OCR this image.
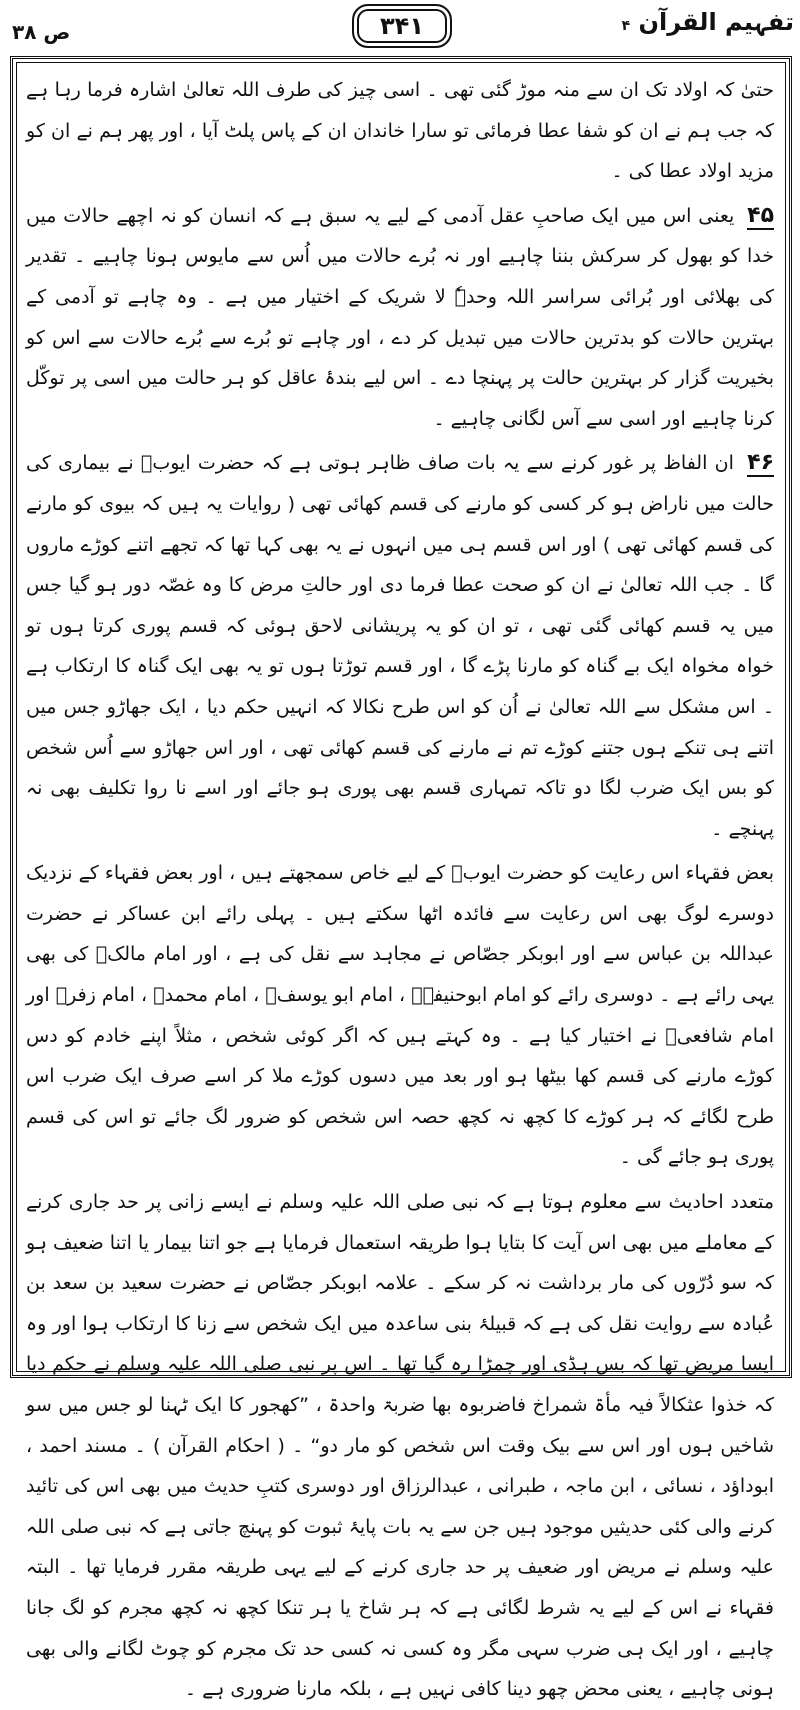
تفہیم القرآن ۴
۳۴۱
ص ۳۸

حتیٰ کہ اولاد تک ان سے منہ موڑ گئی تھی ۔ اسی چیز کی طرف اللہ تعالیٰ اشارہ فرما رہا ہے کہ جب ہم نے ان کو شفا عطا فرمائی تو سارا خاندان ان کے پاس پلٹ آیا ، اور پھر ہم نے ان کو مزید اولاد عطا کی ۔

۴۵ یعنی اس میں ایک صاحبِ عقل آدمی کے لیے یہ سبق ہے کہ انسان کو نہ اچھے حالات میں خدا کو بھول کر سرکش بننا چاہیے اور نہ بُرے حالات میں اُس سے مایوس ہونا چاہیے ۔ تقدیر کی بھلائی اور بُرائی سراسر اللہ وحدہٗ لا شریک کے اختیار میں ہے ۔ وہ چاہے تو آدمی کے بہترین حالات کو بدترین حالات میں تبدیل کر دے ، اور چاہے تو بُرے سے بُرے حالات سے اس کو بخیریت گزار کر بہترین حالت پر پہنچا دے ۔ اس لیے بندۂ عاقل کو ہر حالت میں اسی پر توکّل کرنا چاہیے اور اسی سے آس لگانی چاہیے ۔

۴۶ ان الفاظ پر غور کرنے سے یہ بات صاف ظاہر ہوتی ہے کہ حضرت ایوبؑ نے بیماری کی حالت میں ناراض ہو کر کسی کو مارنے کی قسم کھائی تھی ( روایات یہ ہیں کہ بیوی کو مارنے کی قسم کھائی تھی ) اور اس قسم ہی میں انہوں نے یہ بھی کہا تھا کہ تجھے اتنے کوڑے ماروں گا ۔ جب اللہ تعالیٰ نے ان کو صحت عطا فرما دی اور حالتِ مرض کا وہ غصّہ دور ہو گیا جس میں یہ قسم کھائی گئی تھی ، تو ان کو یہ پریشانی لاحق ہوئی کہ قسم پوری کرتا ہوں تو خواہ مخواہ ایک بے گناہ کو مارنا پڑے گا ، اور قسم توڑتا ہوں تو یہ بھی ایک گناہ کا ارتکاب ہے ۔ اس مشکل سے اللہ تعالیٰ نے اُن کو اس طرح نکالا کہ انہیں حکم دیا ، ایک جھاڑو جس میں اتنے ہی تنکے ہوں جتنے کوڑے تم نے مارنے کی قسم کھائی تھی ، اور اس جھاڑو سے اُس شخص کو بس ایک ضرب لگا دو تاکہ تمہاری قسم بھی پوری ہو جائے اور اسے نا روا تکلیف بھی نہ پہنچے ۔

بعض فقہاء اس رعایت کو حضرت ایوبؑ کے لیے خاص سمجھتے ہیں ، اور بعض فقہاء کے نزدیک دوسرے لوگ بھی اس رعایت سے فائدہ اٹھا سکتے ہیں ۔ پہلی رائے ابن عساکر نے حضرت عبداللہ بن عباس سے اور ابوبکر جصّاص نے مجاہد سے نقل کی ہے ، اور امام مالکؒ کی بھی یہی رائے ہے ۔ دوسری رائے کو امام ابوحنیفہؒ ، امام ابو یوسفؒ ، امام محمدؒ ، امام زفرؒ اور امام شافعیؒ نے اختیار کیا ہے ۔ وہ کہتے ہیں کہ اگر کوئی شخص ، مثلاً اپنے خادم کو دس کوڑے مارنے کی قسم کھا بیٹھا ہو اور بعد میں دسوں کوڑے ملا کر اسے صرف ایک ضرب اس طرح لگائے کہ ہر کوڑے کا کچھ نہ کچھ حصہ اس شخص کو ضرور لگ جائے تو اس کی قسم پوری ہو جائے گی ۔

متعدد احادیث سے معلوم ہوتا ہے کہ نبی صلی اللہ علیہ وسلم نے ایسے زانی پر حد جاری کرنے کے معاملے میں بھی اس آیت کا بتایا ہوا طریقہ استعمال فرمایا ہے جو اتنا بیمار یا اتنا ضعیف ہو کہ سو دُرّوں کی مار برداشت نہ کر سکے ۔ علامہ ابوبکر جصّاص نے حضرت سعید بن سعد بن عُبادہ سے روایت نقل کی ہے کہ قبیلۂ بنی ساعدہ میں ایک شخص سے زنا کا ارتکاب ہوا اور وہ ایسا مریض تھا کہ بس ہڈی اور چمڑا رہ گیا تھا ۔ اس پر نبی صلی اللہ علیہ وسلم نے حکم دیا کہ خذوا عثکالاً فیہ مأۃ شمراخ فاضربوہ بھا ضربۃ واحدۃ ، ”کھجور کا ایک ٹہنا لو جس میں سو شاخیں ہوں اور اس سے بیک وقت اس شخص کو مار دو“ ۔ ( احکام القرآن ) ۔ مسند احمد ، ابوداؤد ، نسائی ، ابن ماجہ ، طبرانی ، عبدالرزاق اور دوسری کتبِ حدیث میں بھی اس کی تائید کرنے والی کئی حدیثیں موجود ہیں جن سے یہ بات پایۂ ثبوت کو پہنچ جاتی ہے کہ نبی صلی اللہ علیہ وسلم نے مریض اور ضعیف پر حد جاری کرنے کے لیے یہی طریقہ مقرر فرمایا تھا ۔ البتہ فقہاء نے اس کے لیے یہ شرط لگائی ہے کہ ہر شاخ یا ہر تنکا کچھ نہ کچھ مجرم کو لگ جانا چاہیے ، اور ایک ہی ضرب سہی مگر وہ کسی نہ کسی حد تک مجرم کو چوٹ لگانے والی بھی ہونی چاہیے ، یعنی محض چھو دینا کافی نہیں ہے ، بلکہ مارنا ضروری ہے ۔
